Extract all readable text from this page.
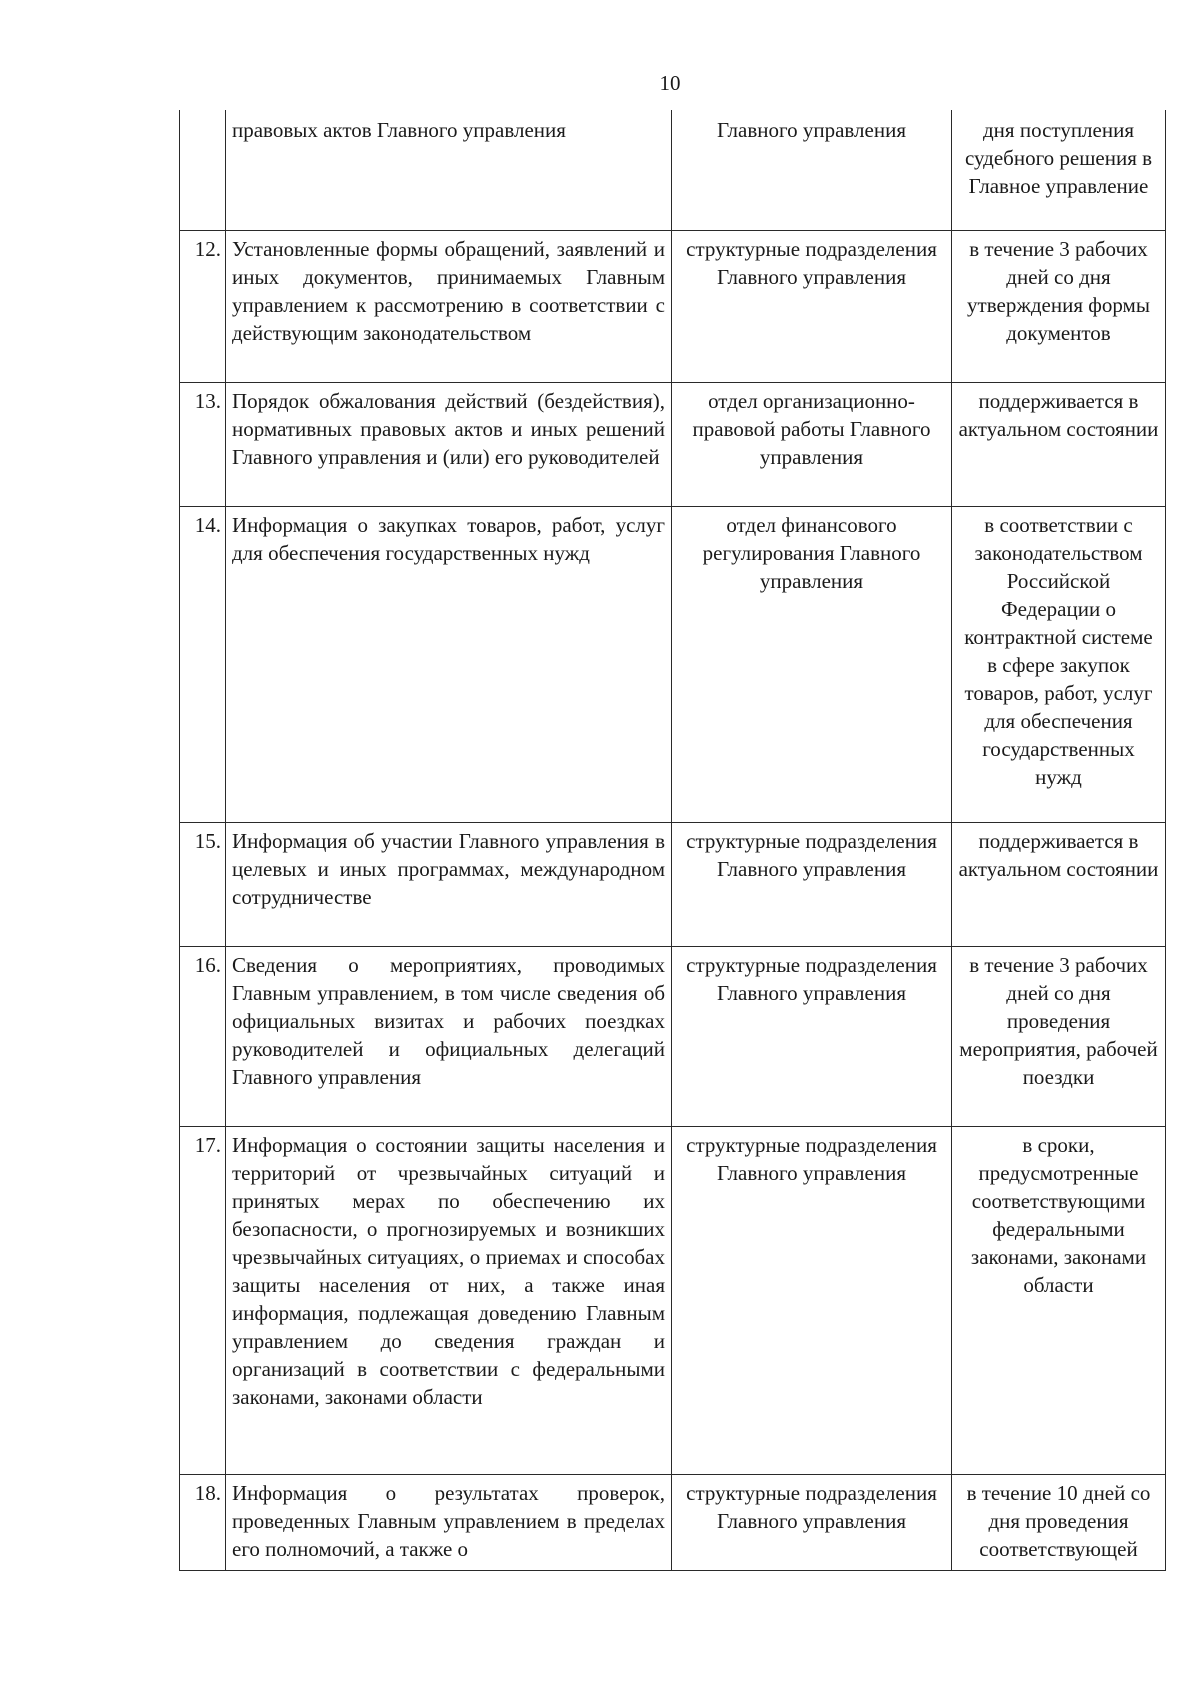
10
	правовых актов Главного управления	Главного управления	дня поступления судебного решения в Главное управление
12.	Установленные формы обращений, заявлений и иных документов, принимаемых Главным управлением к рассмотрению в соответствии с действующим законодательством	структурные подразделения Главного управления	в течение 3 рабочих дней со дня утверждения формы документов
13.	Порядок обжалования действий (бездействия), нормативных правовых актов и иных решений Главного управления и (или) его руководителей	отдел организационно-правовой работы Главного управления	поддерживается в актуальном состоянии
14.	Информация о закупках товаров, работ, услуг для обеспечения государственных нужд	отдел финансового регулирования Главного управления	в соответствии с законодательством Российской Федерации о контрактной системе в сфере закупок товаров, работ, услуг для обеспечения государственных нужд
15.	Информация об участии Главного управления в целевых и иных программах, международном сотрудничестве	структурные подразделения Главного управления	поддерживается в актуальном состоянии
16.	Сведения о мероприятиях, проводимых Главным управлением, в том числе сведения об официальных визитах и рабочих поездках руководителей и официальных делегаций Главного управления	структурные подразделения Главного управления	в течение 3 рабочих дней со дня проведения мероприятия, рабочей поездки
17.	Информация о состоянии защиты населения и территорий от чрезвычайных ситуаций и принятых мерах по обеспечению их безопасности, о прогнозируемых и возникших чрезвычайных ситуациях, о приемах и способах защиты населения от них, а также иная информация, подлежащая доведению Главным управлением до сведения граждан и организаций в соответствии с федеральными законами, законами области	структурные подразделения Главного управления	в сроки, предусмотренные соответствующими федеральными законами, законами области
18.	Информация о результатах проверок, проведенных Главным управлением в пределах его полномочий, а также о	структурные подразделения Главного управления	в течение 10 дней со дня проведения соответствующей
